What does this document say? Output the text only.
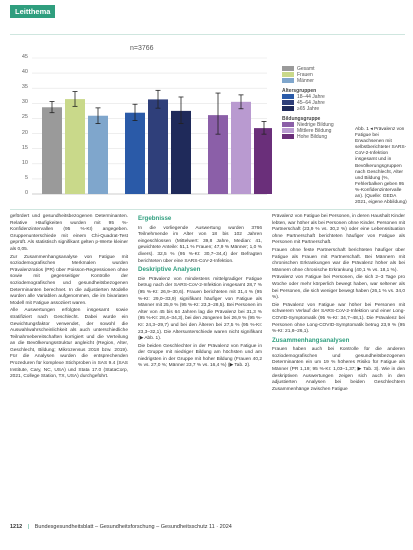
Leitthema
n=3766
45
40
35
30
25
20
15
10
5
0
Gesamt
Frauen
Männer
Altersgruppen
18–44 Jahre
45–64 Jahre
≥65 Jahre
Bildungsgruppe
Niedrige Bildung
Mittlere Bildung
Hohe Bildung
Abb. 1 ◂ Prävalenz von Fatigue bei Erwachsenen mit selbstberichteter SARS-CoV-2-Infektion insgesamt und in Bevölkerungsgruppen nach Geschlecht, Alter und Bildung (%, Fehlerbalken geben 95 %-Konfidenzintervalle an). (Quelle: GEDA 2021, eigene Abbildung)

gefördert und gesundheitsbezogenen Determinanten. Relative Häufigkeiten wurden mit 95 %-Konfidenzintervallen (95 %-KI) angegeben. Gruppenunterschiede mit einem Chi-Quadrat-Test geprüft. Als statistisch signifikant gelten p-Werte kleiner als 0,05.

Zur Zusammenhangsanalyse von Fatigue mit soziodemografischen Merkmalen wurden Prävalenzratios (PR) über Poisson-Regressionen ohne sowie mit gegenseitiger Kontrolle der soziodemografischen und gesundheitsbezogenen Determinanten berechnet. In die adjustierten Modelle wurden alle Variablen aufgenommen, die im bivariaten Modell mit Fatigue assoziiert waren.

Alle Auswertungen erfolgten insgesamt sowie stratifiziert nach Geschlecht. Dabei wurde ein Gewichtungsfaktor verwendet, der sowohl die Auswahlwahrscheinlichkeit als auch unterschiedliche Teilnahmebereitschaften korrigiert und die Verteilung an die Bevölkerungsstruktur angleicht (Region, Alter, Geschlecht, Bildung; Mikrozensus 2018 bzw. 2019). Für die Analysen wurden die entsprechenden Prozeduren für komplexe Stichproben in SAS 9.4 (SAS Institute, Cary, NC, USA) und Stata 17.0 (StataCorp, 2021, College Station, TX, USA) durchgeführt.

Ergebnisse

In die vorliegende Auswertung wurden 3766 Teilnehmende im Alter von 18 bis 102 Jahren eingeschlossen (Mittelwert: 39,8 Jahre, Median: 41, gewichtete Anteile: 51,1 % Frauen; 47,9 % Männer; 1,0 % divers). 32,5 % (95 %-KI: 30,7–34,4) der Befragten berichteten über eine SARS-CoV-2-Infektion.

Deskriptive Analysen

Die Prävalenz von mindestens mittelgradiger Fatigue betrug nach der SARS-CoV-2-Infektion insgesamt 28,7 % (95 %-KI: 26,9–30,6). Frauen berichteten mit 31,4 % (95 %-KI: 29,0–33,9) signifikant häufiger von Fatigue als Männer mit 25,9 % (95 %-KI: 23,3–28,5). Bei Personen im Alter von 45 bis 64 Jahren lag die Prävalenz bei 31,3 % (95 %-KI: 28,4–34,3), bei den Jüngeren bei 26,9 % (95 %-KI: 24,3–29,7) und bei den Älteren bei 27,5 % (95 %-KI: 23,3–32,1). Die Altersunterschiede waren nicht signifikant (▶ Abb. 1).

Die beiden Geschlechter in der Prävalenz von Fatigue in der Gruppe mit niedriger Bildung am höchsten und am niedrigsten in der Gruppe mit hoher Bildung (Frauen 40,2 % vs. 27,0 %; Männer 23,7 % vs. 16,4 %) (▶ Tab. 2).

Prävalenz von Fatigue bei Personen, in deren Haushalt Kinder lebten, war höher als bei Personen ohne Kinder. Personen mit Partnerschaft (23,9 % vs. 30,2 %) oder eine Lebenssituation ohne Partnerschaft berichteten häufiger von Fatigue als Personen mit Partnerschaft.

Frauen ohne feste Partnerschaft berichteten häufiger über Fatigue als Frauen mit Partnerschaft. Bei Männern mit chronischen Erkrankungen war die Prävalenz höher als bei Männern ohne chronische Erkrankung (40,1 % vs. 18,1 %).

Prävalenz von Fatigue bei Personen, die sich 2–3 Tage pro Woche oder mehr körperlich bewegt haben, war seltener als bei Personen, die sich weniger bewegt haben (26,1 % vs. 34,0 %).

Die Prävalenz von Fatigue war höher bei Personen mit schwerem Verlauf der SARS-CoV-2-Infektion und einer Long-COVID-Symptomatik (95 %-KI: 34,7–48,1). Die Prävalenz bei Personen ohne Long-COVID-Symptomatik betrug 23,9 % (95 %-KI: 21,8–26,1).

Zusammenhangsanalysen

Frauen haben auch bei Kontrolle für die anderen soziodemografischen und gesundheitsbezogenen Determinanten ein um 19 % höheres Risiko für Fatigue als Männer (PR 1,19; 95 %-KI: 1,03–1,37; ▶ Tab. 3). Wie in den deskriptiven Auswertungen zeigen sich auch in den adjustierten Analysen bei beiden Geschlechtern Zusammenhänge zwischen Fatigue

1212 | Bundesgesundheitsblatt – Gesundheitsforschung – Gesundheitsschutz 11 · 2024
